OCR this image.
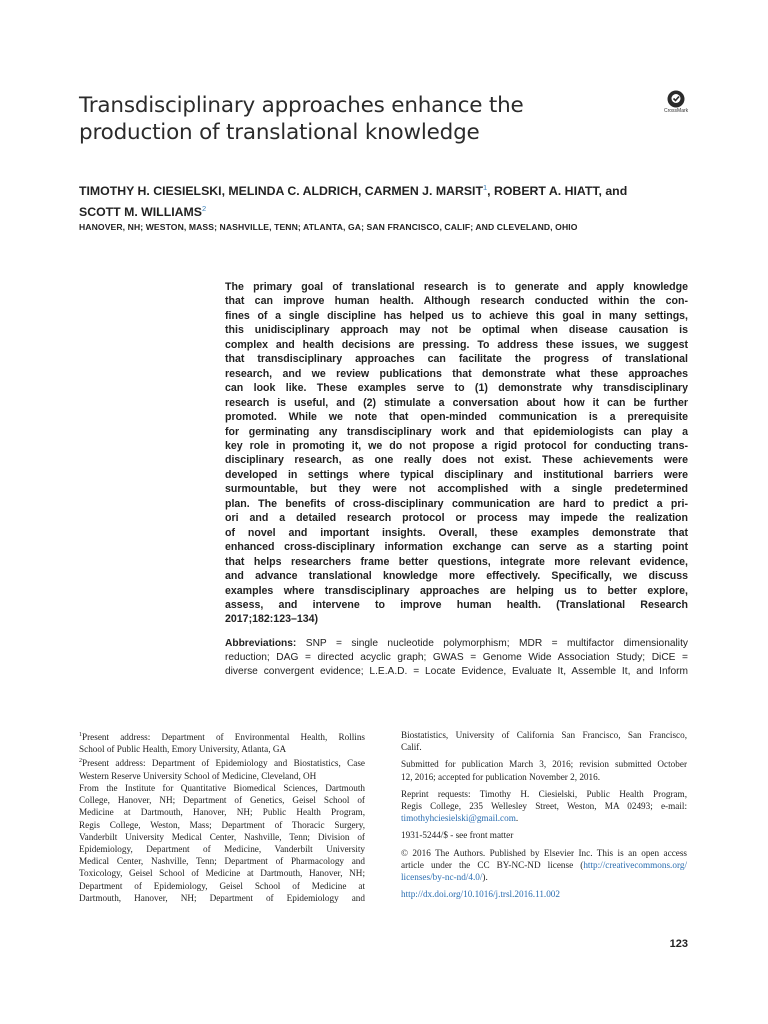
Transdisciplinary approaches enhance the
production of translational knowledge
CrossMark
TIMOTHY H. CIESIELSKI, MELINDA C. ALDRICH, CARMEN J. MARSIT$^1$, ROBERT A. HIATT, and
SCOTT M. WILLIAMS$^2$
HANOVER, NH; WESTON, MASS; NASHVILLE, TENN; ATLANTA, GA; SAN FRANCISCO, CALIF; AND CLEVELAND, OHIO

The primary goal of translational research is to generate and apply knowledge
that can improve human health. Although research conducted within the con-
fines of a single discipline has helped us to achieve this goal in many settings,
this unidisciplinary approach may not be optimal when disease causation is
complex and health decisions are pressing. To address these issues, we suggest
that transdisciplinary approaches can facilitate the progress of translational
research, and we review publications that demonstrate what these approaches
can look like. These examples serve to (1) demonstrate why transdisciplinary
research is useful, and (2) stimulate a conversation about how it can be further
promoted. While we note that open-minded communication is a prerequisite
for germinating any transdisciplinary work and that epidemiologists can play a
key role in promoting it, we do not propose a rigid protocol for conducting trans-
disciplinary research, as one really does not exist. These achievements were
developed in settings where typical disciplinary and institutional barriers were
surmountable, but they were not accomplished with a single predetermined
plan. The benefits of cross-disciplinary communication are hard to predict a pri-
ori and a detailed research protocol or process may impede the realization
of novel and important insights. Overall, these examples demonstrate that
enhanced cross-disciplinary information exchange can serve as a starting point
that helps researchers frame better questions, integrate more relevant evidence,
and advance translational knowledge more effectively. Specifically, we discuss
examples where transdisciplinary approaches are helping us to better explore,
assess, and intervene to improve human health. (Translational Research
2017;182:123–134)

Abbreviations: SNP = single nucleotide polymorphism; MDR = multifactor dimensionality
reduction; DAG = directed acyclic graph; GWAS = Genome Wide Association Study; DiCE =
diverse convergent evidence; L.E.A.D. = Locate Evidence, Evaluate It, Assemble It, and Inform

$^1$Present address: Department of Environmental Health, Rollins
School of Public Health, Emory University, Atlanta, GA

$^2$Present address: Department of Epidemiology and Biostatistics, Case
Western Reserve University School of Medicine, Cleveland, OH

From the Institute for Quantitative Biomedical Sciences, Dartmouth
College, Hanover, NH; Department of Genetics, Geisel School of
Medicine at Dartmouth, Hanover, NH; Public Health Program,
Regis College, Weston, Mass; Department of Thoracic Surgery,
Vanderbilt University Medical Center, Nashville, Tenn; Division of
Epidemiology, Department of Medicine, Vanderbilt University
Medical Center, Nashville, Tenn; Department of Pharmacology and
Toxicology, Geisel School of Medicine at Dartmouth, Hanover, NH;
Department of Epidemiology, Geisel School of Medicine at
Dartmouth, Hanover, NH; Department of Epidemiology and

Biostatistics, University of California San Francisco, San Francisco,
Calif.

Submitted for publication March 3, 2016; revision submitted October
12, 2016; accepted for publication November 2, 2016.

Reprint requests: Timothy H. Ciesielski, Public Health Program,
Regis College, 235 Wellesley Street, Weston, MA 02493; e-mail:
timothyhciesielski@gmail.com.

1931-5244/$ - see front matter

© 2016 The Authors. Published by Elsevier Inc. This is an open access
article under the CC BY-NC-ND license (http://creativecommons.org/
licenses/by-nc-nd/4.0/).

http://dx.doi.org/10.1016/j.trsl.2016.11.002

123
